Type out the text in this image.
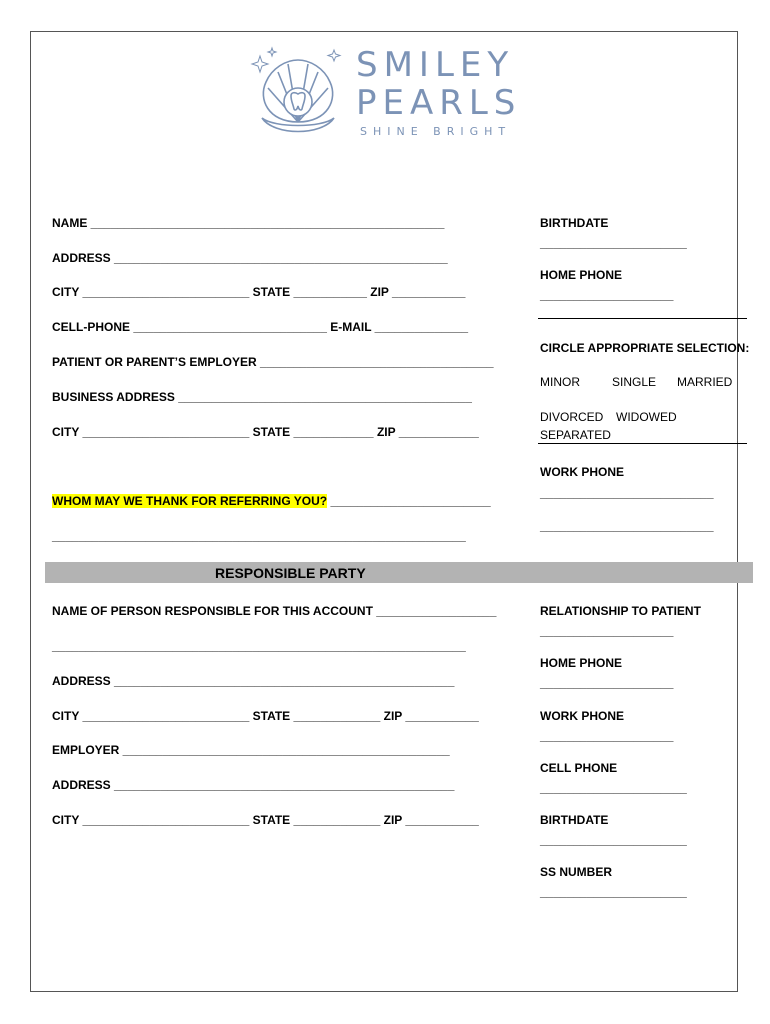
SMILEY
PEARLS
SHINE BRIGHT
NAME _____________________________________________________
ADDRESS __________________________________________________
CITY _________________________ STATE ___________ ZIP ___________
CELL-PHONE _____________________________ E-MAIL ______________
PATIENT OR PARENT’S EMPLOYER ___________________________________
BUSINESS ADDRESS ____________________________________________
CITY _________________________ STATE ____________ ZIP ____________
WHOM MAY WE THANK FOR REFERRING YOU? ________________________
______________________________________________________________
BIRTHDATE
______________________
HOME PHONE
____________________
CIRCLE APPROPRIATE SELECTION:
MINOR	SINGLE MARRIED
DIVORCED WIDOWED
SEPARATED
WORK PHONE
__________________________
__________________________
RESPONSIBLE PARTY
NAME OF PERSON RESPONSIBLE FOR THIS ACCOUNT __________________
______________________________________________________________
ADDRESS ___________________________________________________
CITY _________________________ STATE _____________ ZIP ___________
EMPLOYER _________________________________________________
ADDRESS ___________________________________________________
CITY _________________________ STATE _____________ ZIP ___________
RELATIONSHIP TO PATIENT
____________________
HOME PHONE
____________________
WORK PHONE
____________________
CELL PHONE
______________________
BIRTHDATE
______________________
SS NUMBER
______________________
